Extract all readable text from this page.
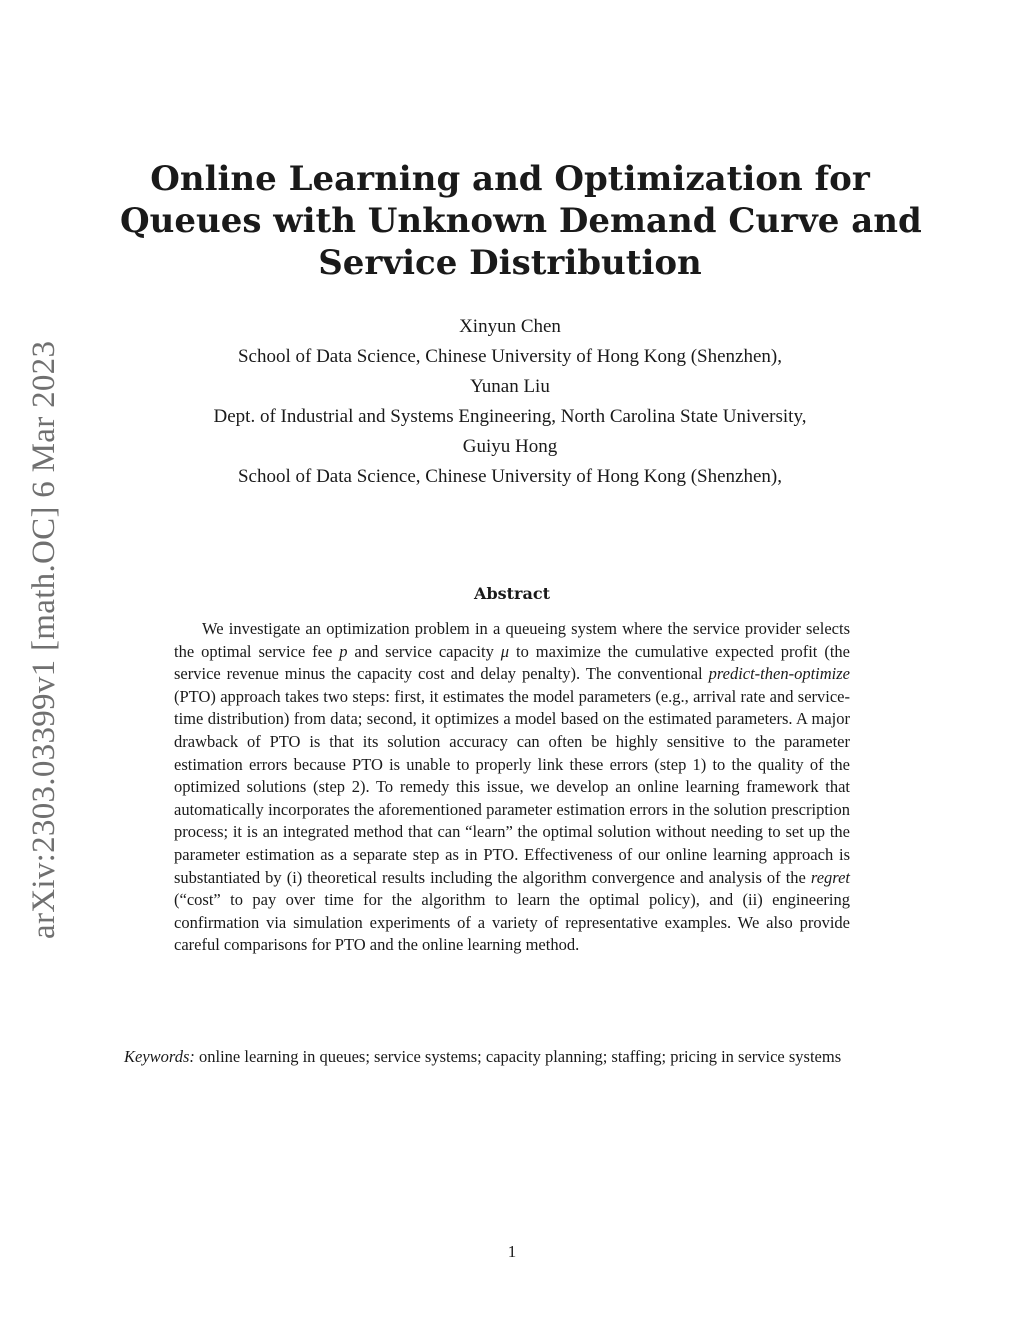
arXiv:2303.03399v1 [math.OC] 6 Mar 2023
Online Learning and Optimization for
Queues with Unknown Demand Curve and
Service Distribution
Xinyun Chen
School of Data Science, Chinese University of Hong Kong (Shenzhen),
Yunan Liu
Dept. of Industrial and Systems Engineering, North Carolina State University,
Guiyu Hong
School of Data Science, Chinese University of Hong Kong (Shenzhen),
Abstract

We investigate an optimization problem in a queueing system where the service provider selects the optimal service fee p and service capacity μ to maximize the cumulative expected profit (the service revenue minus the capacity cost and delay penalty). The conventional predict-then-optimize (PTO) approach takes two steps: first, it estimates the model parameters (e.g., arrival rate and service-time distribution) from data; second, it optimizes a model based on the estimated parameters. A major drawback of PTO is that its solution accuracy can often be highly sensitive to the parameter estimation errors because PTO is unable to properly link these errors (step 1) to the quality of the optimized solutions (step 2). To remedy this issue, we develop an online learning framework that automatically incorporates the aforementioned parameter estimation errors in the solution prescription process; it is an integrated method that can “learn” the optimal solution without needing to set up the parameter estimation as a separate step as in PTO. Effectiveness of our online learning approach is substantiated by (i) theoretical results including the algorithm convergence and analysis of the regret (“cost” to pay over time for the algorithm to learn the optimal policy), and (ii) engineering confirmation via simulation experiments of a variety of representative examples. We also provide careful comparisons for PTO and the online learning method.

Keywords: online learning in queues; service systems; capacity planning; staffing; pricing in service systems
1
